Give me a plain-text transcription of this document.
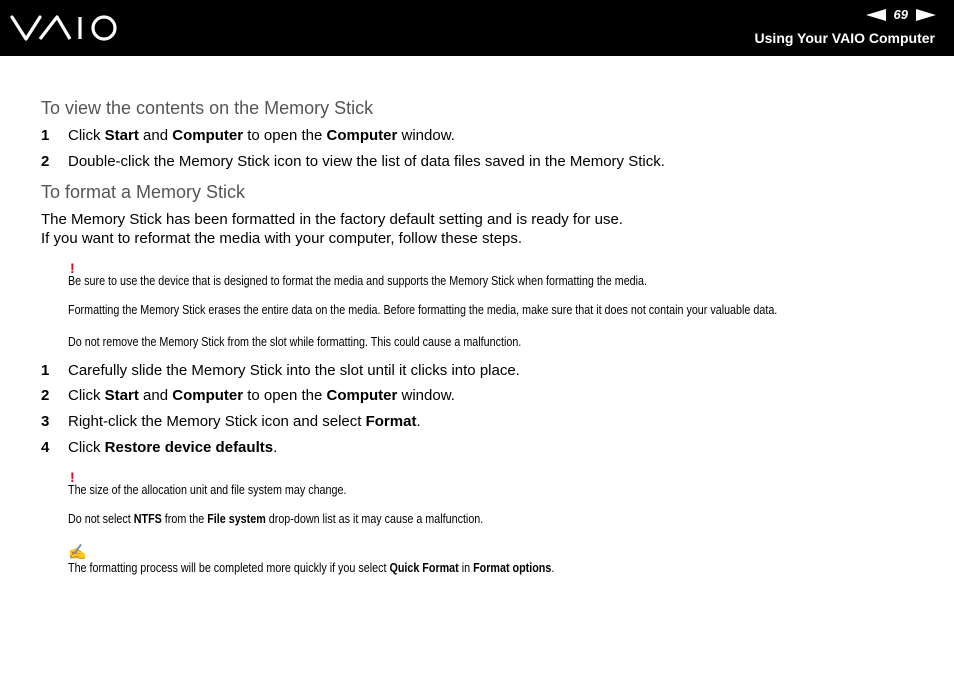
69
Using Your VAIO Computer
To view the contents on the Memory Stick
1 Click Start and Computer to open the Computer window.
2 Double-click the Memory Stick icon to view the list of data files saved in the Memory Stick.
To format a Memory Stick
The Memory Stick has been formatted in the factory default setting and is ready for use.
If you want to reformat the media with your computer, follow these steps.
!
Be sure to use the device that is designed to format the media and supports the Memory Stick when formatting the media.
Formatting the Memory Stick erases the entire data on the media. Before formatting the media, make sure that it does not contain your valuable data.
Do not remove the Memory Stick from the slot while formatting. This could cause a malfunction.
1 Carefully slide the Memory Stick into the slot until it clicks into place.
2 Click Start and Computer to open the Computer window.
3 Right-click the Memory Stick icon and select Format.
4 Click Restore device defaults.
!
The size of the allocation unit and file system may change.
Do not select NTFS from the File system drop-down list as it may cause a malfunction.
✍
The formatting process will be completed more quickly if you select Quick Format in Format options.
